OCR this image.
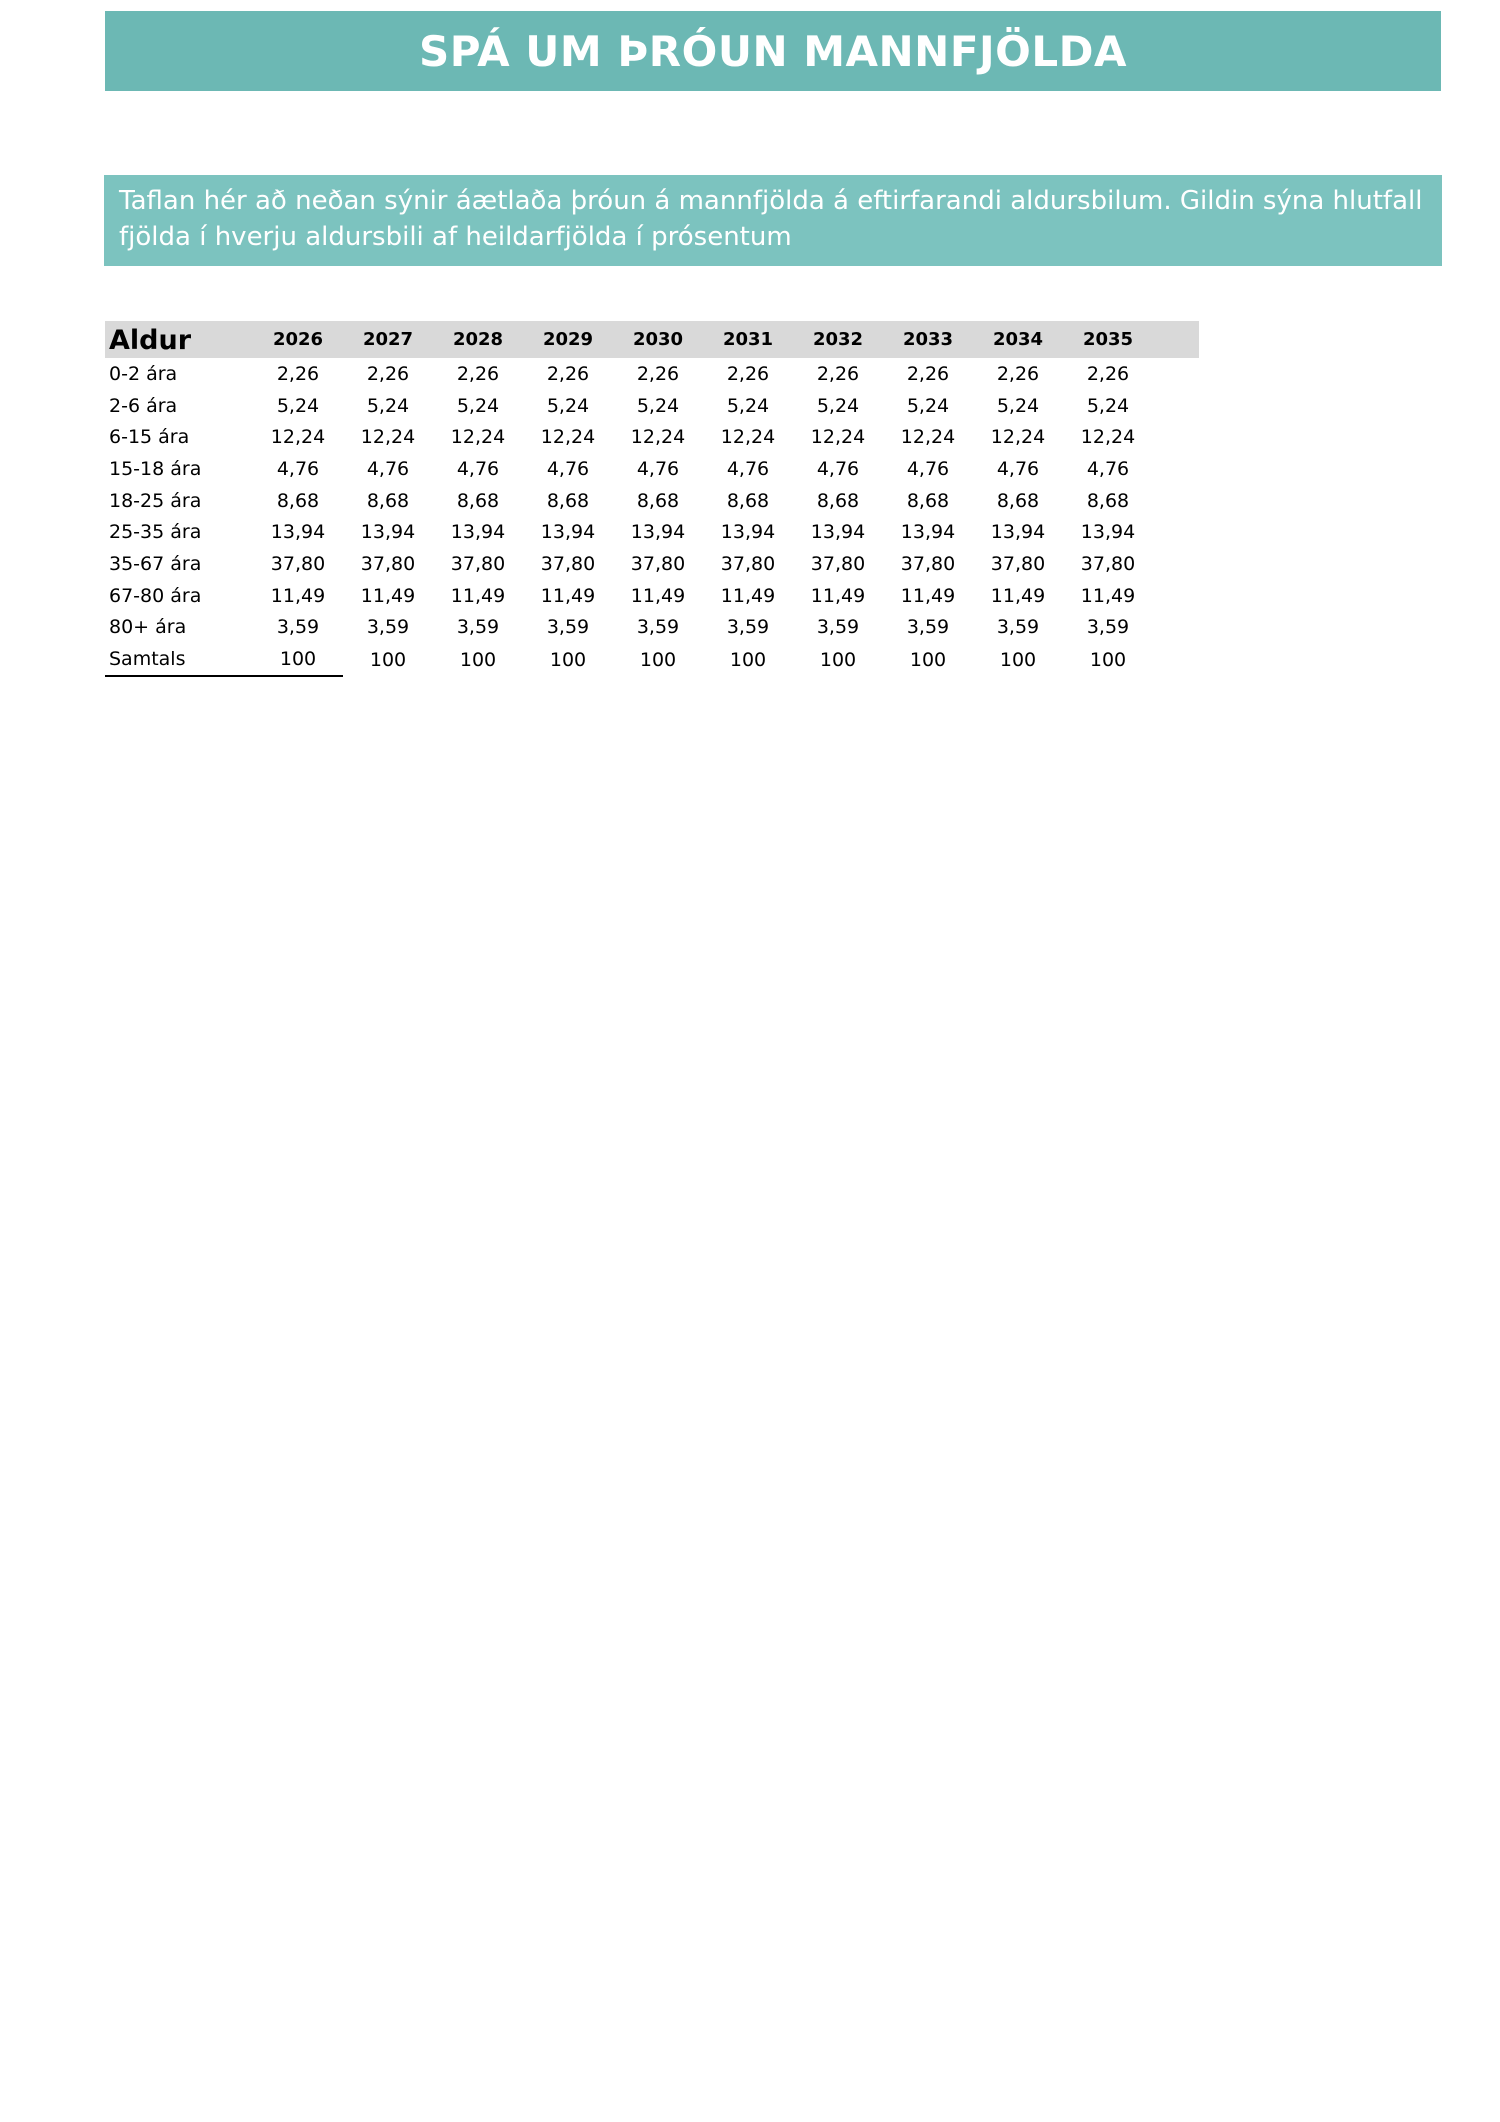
SPÁ UM ÞRÓUN MANNFJÖLDA

Taflan hér að neðan sýnir áætlaða þróun á mannfjölda á eftirfarandi aldursbilum. Gildin sýna hlutfall fjölda í hverju aldursbili af heildarfjölda í prósentum

Aldur	2026	2027	2028	2029	2030	2031	2032	2033	2034	2035	
0-2 ára	2,26	2,26	2,26	2,26	2,26	2,26	2,26	2,26	2,26	2,26	
2-6 ára	5,24	5,24	5,24	5,24	5,24	5,24	5,24	5,24	5,24	5,24	
6-15 ára	12,24	12,24	12,24	12,24	12,24	12,24	12,24	12,24	12,24	12,24	
15-18 ára	4,76	4,76	4,76	4,76	4,76	4,76	4,76	4,76	4,76	4,76	
18-25 ára	8,68	8,68	8,68	8,68	8,68	8,68	8,68	8,68	8,68	8,68	
25-35 ára	13,94	13,94	13,94	13,94	13,94	13,94	13,94	13,94	13,94	13,94	
35-67 ára	37,80	37,80	37,80	37,80	37,80	37,80	37,80	37,80	37,80	37,80	
67-80 ára	11,49	11,49	11,49	11,49	11,49	11,49	11,49	11,49	11,49	11,49	
80+ ára	3,59	3,59	3,59	3,59	3,59	3,59	3,59	3,59	3,59	3,59	
Samtals	100	100	100	100	100	100	100	100	100	100	
